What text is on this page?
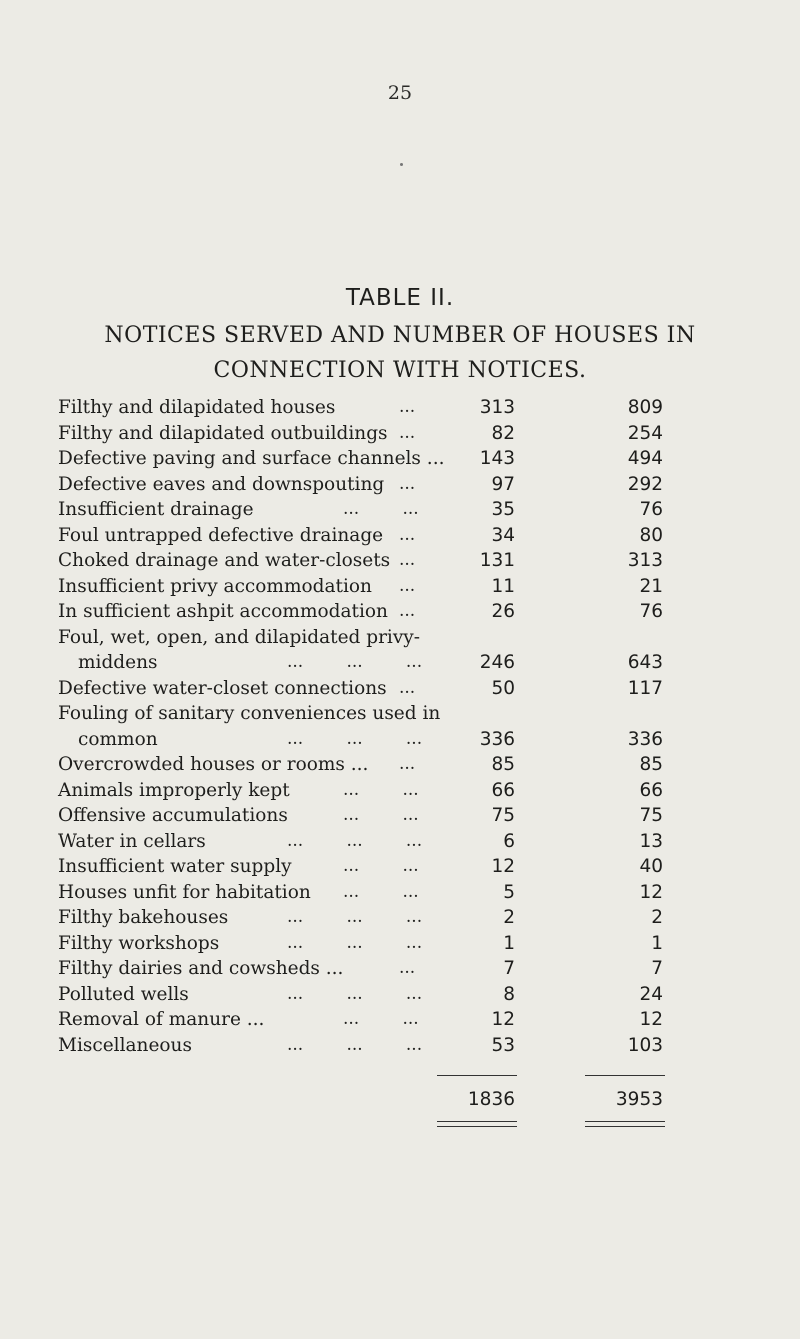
25
TABLE II.
NOTICES SERVED AND NUMBER OF HOUSES IN
CONNECTION WITH NOTICES.
Filthy and dilapidated houses	...	313	809
Filthy and dilapidated outbuildings ...	82	254
Defective paving and surface channels ...	143	494
Defective eaves and downspouting ...	97	292
Insufficient drainage	...        ...	35	76
Foul untrapped defective drainage ...	34	80
Choked drainage and water-closets ...	131	313
Insufficient privy accommodation ...	11	21
In sufficient ashpit accommodation ...	26	76
Foul, wet, open, and dilapidated privy-
middens	...        ...        ...	246	643
Defective water-closet connections ...	50	117
Fouling of sanitary conveniences used in
common	...        ...        ...	336	336
Overcrowded houses or rooms ... ...	85	85
Animals improperly kept	...        ...	66	66
Offensive accumulations	...        ...	75	75
Water in cellars	...        ...        ...	6	13
Insufficient water supply	...        ...	12	40
Houses unfit for habitation ...        ...	5	12
Filthy bakehouses	...        ...        ...	2	2
Filthy workshops	...        ...        ...	1	1
Filthy dairies and cowsheds ...	...	7	7
Polluted wells	...        ...        ...	8	24
Removal of manure ...	...        ...	12	12
Miscellaneous	...        ...        ...	53	103
1836	3953
